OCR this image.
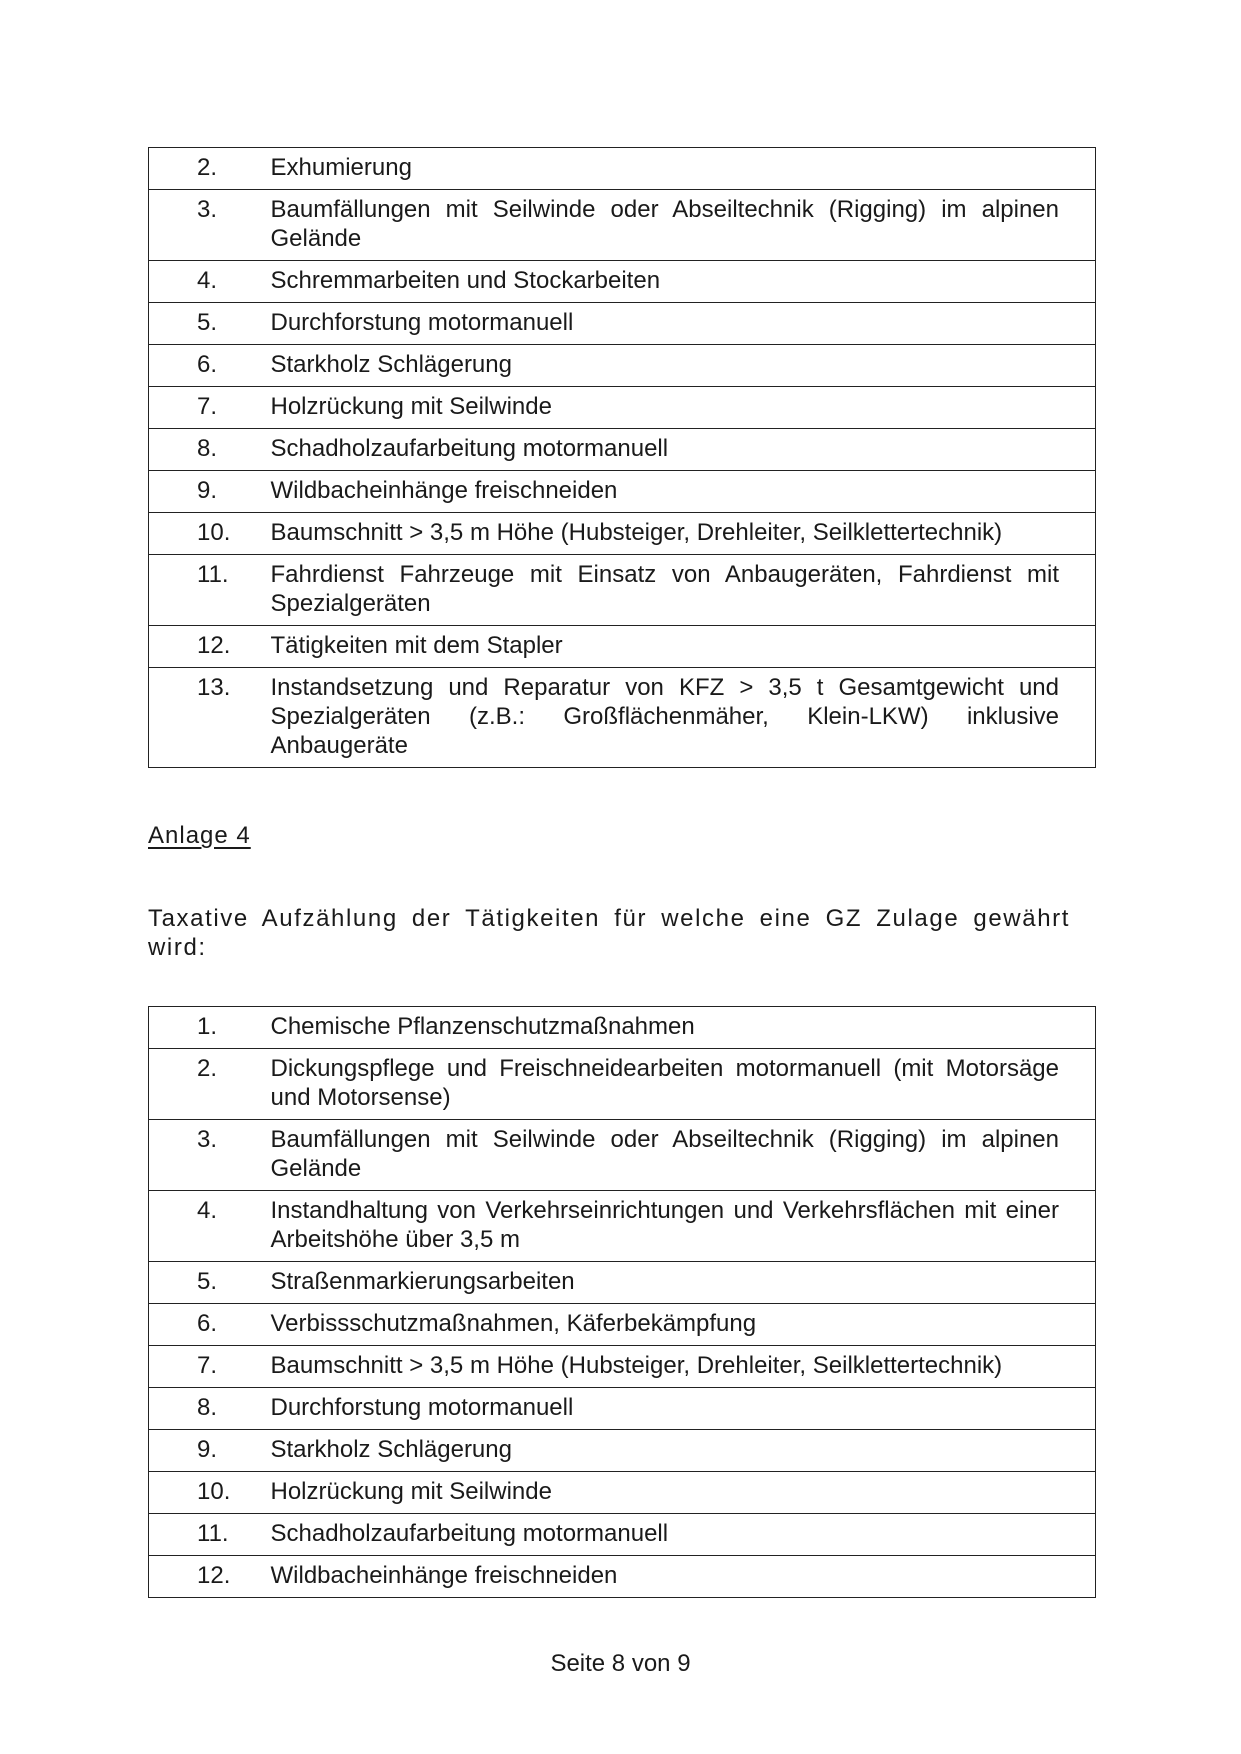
2.	Exhumierung
3.	Baumfällungen mit Seilwinde oder Abseiltechnik (Rigging) im alpinen Gelände
4.	Schremmarbeiten und Stockarbeiten
5.	Durchforstung motormanuell
6.	Starkholz Schlägerung
7.	Holzrückung mit Seilwinde
8.	Schadholzaufarbeitung motormanuell
9.	Wildbacheinhänge freischneiden
10.	Baumschnitt > 3,5 m Höhe (Hubsteiger, Drehleiter, Seilklettertechnik)
11.	Fahrdienst Fahrzeuge mit Einsatz von Anbaugeräten, Fahrdienst mit Spezialgeräten
12.	Tätigkeiten mit dem Stapler
13.	Instandsetzung und Reparatur von KFZ > 3,5 t Gesamtgewicht und Spezialgeräten (z.B.: Großflächenmäher, Klein-LKW) inklusive Anbaugeräte
Anlage 4
Taxative Aufzählung der Tätigkeiten für welche eine GZ Zulage gewährt wird:
1.	Chemische Pflanzenschutzmaßnahmen
2.	Dickungspflege und Freischneidearbeiten motormanuell (mit Motorsäge und Motorsense)
3.	Baumfällungen mit Seilwinde oder Abseiltechnik (Rigging) im alpinen Gelände
4.	Instandhaltung von Verkehrseinrichtungen und Verkehrsflächen mit einer Arbeitshöhe über 3,5 m
5.	Straßenmarkierungsarbeiten
6.	Verbissschutzmaßnahmen, Käferbekämpfung
7.	Baumschnitt > 3,5 m Höhe (Hubsteiger, Drehleiter, Seilklettertechnik)
8.	Durchforstung motormanuell
9.	Starkholz Schlägerung
10.	Holzrückung mit Seilwinde
11.	Schadholzaufarbeitung motormanuell
12.	Wildbacheinhänge freischneiden
Seite 8 von 9
